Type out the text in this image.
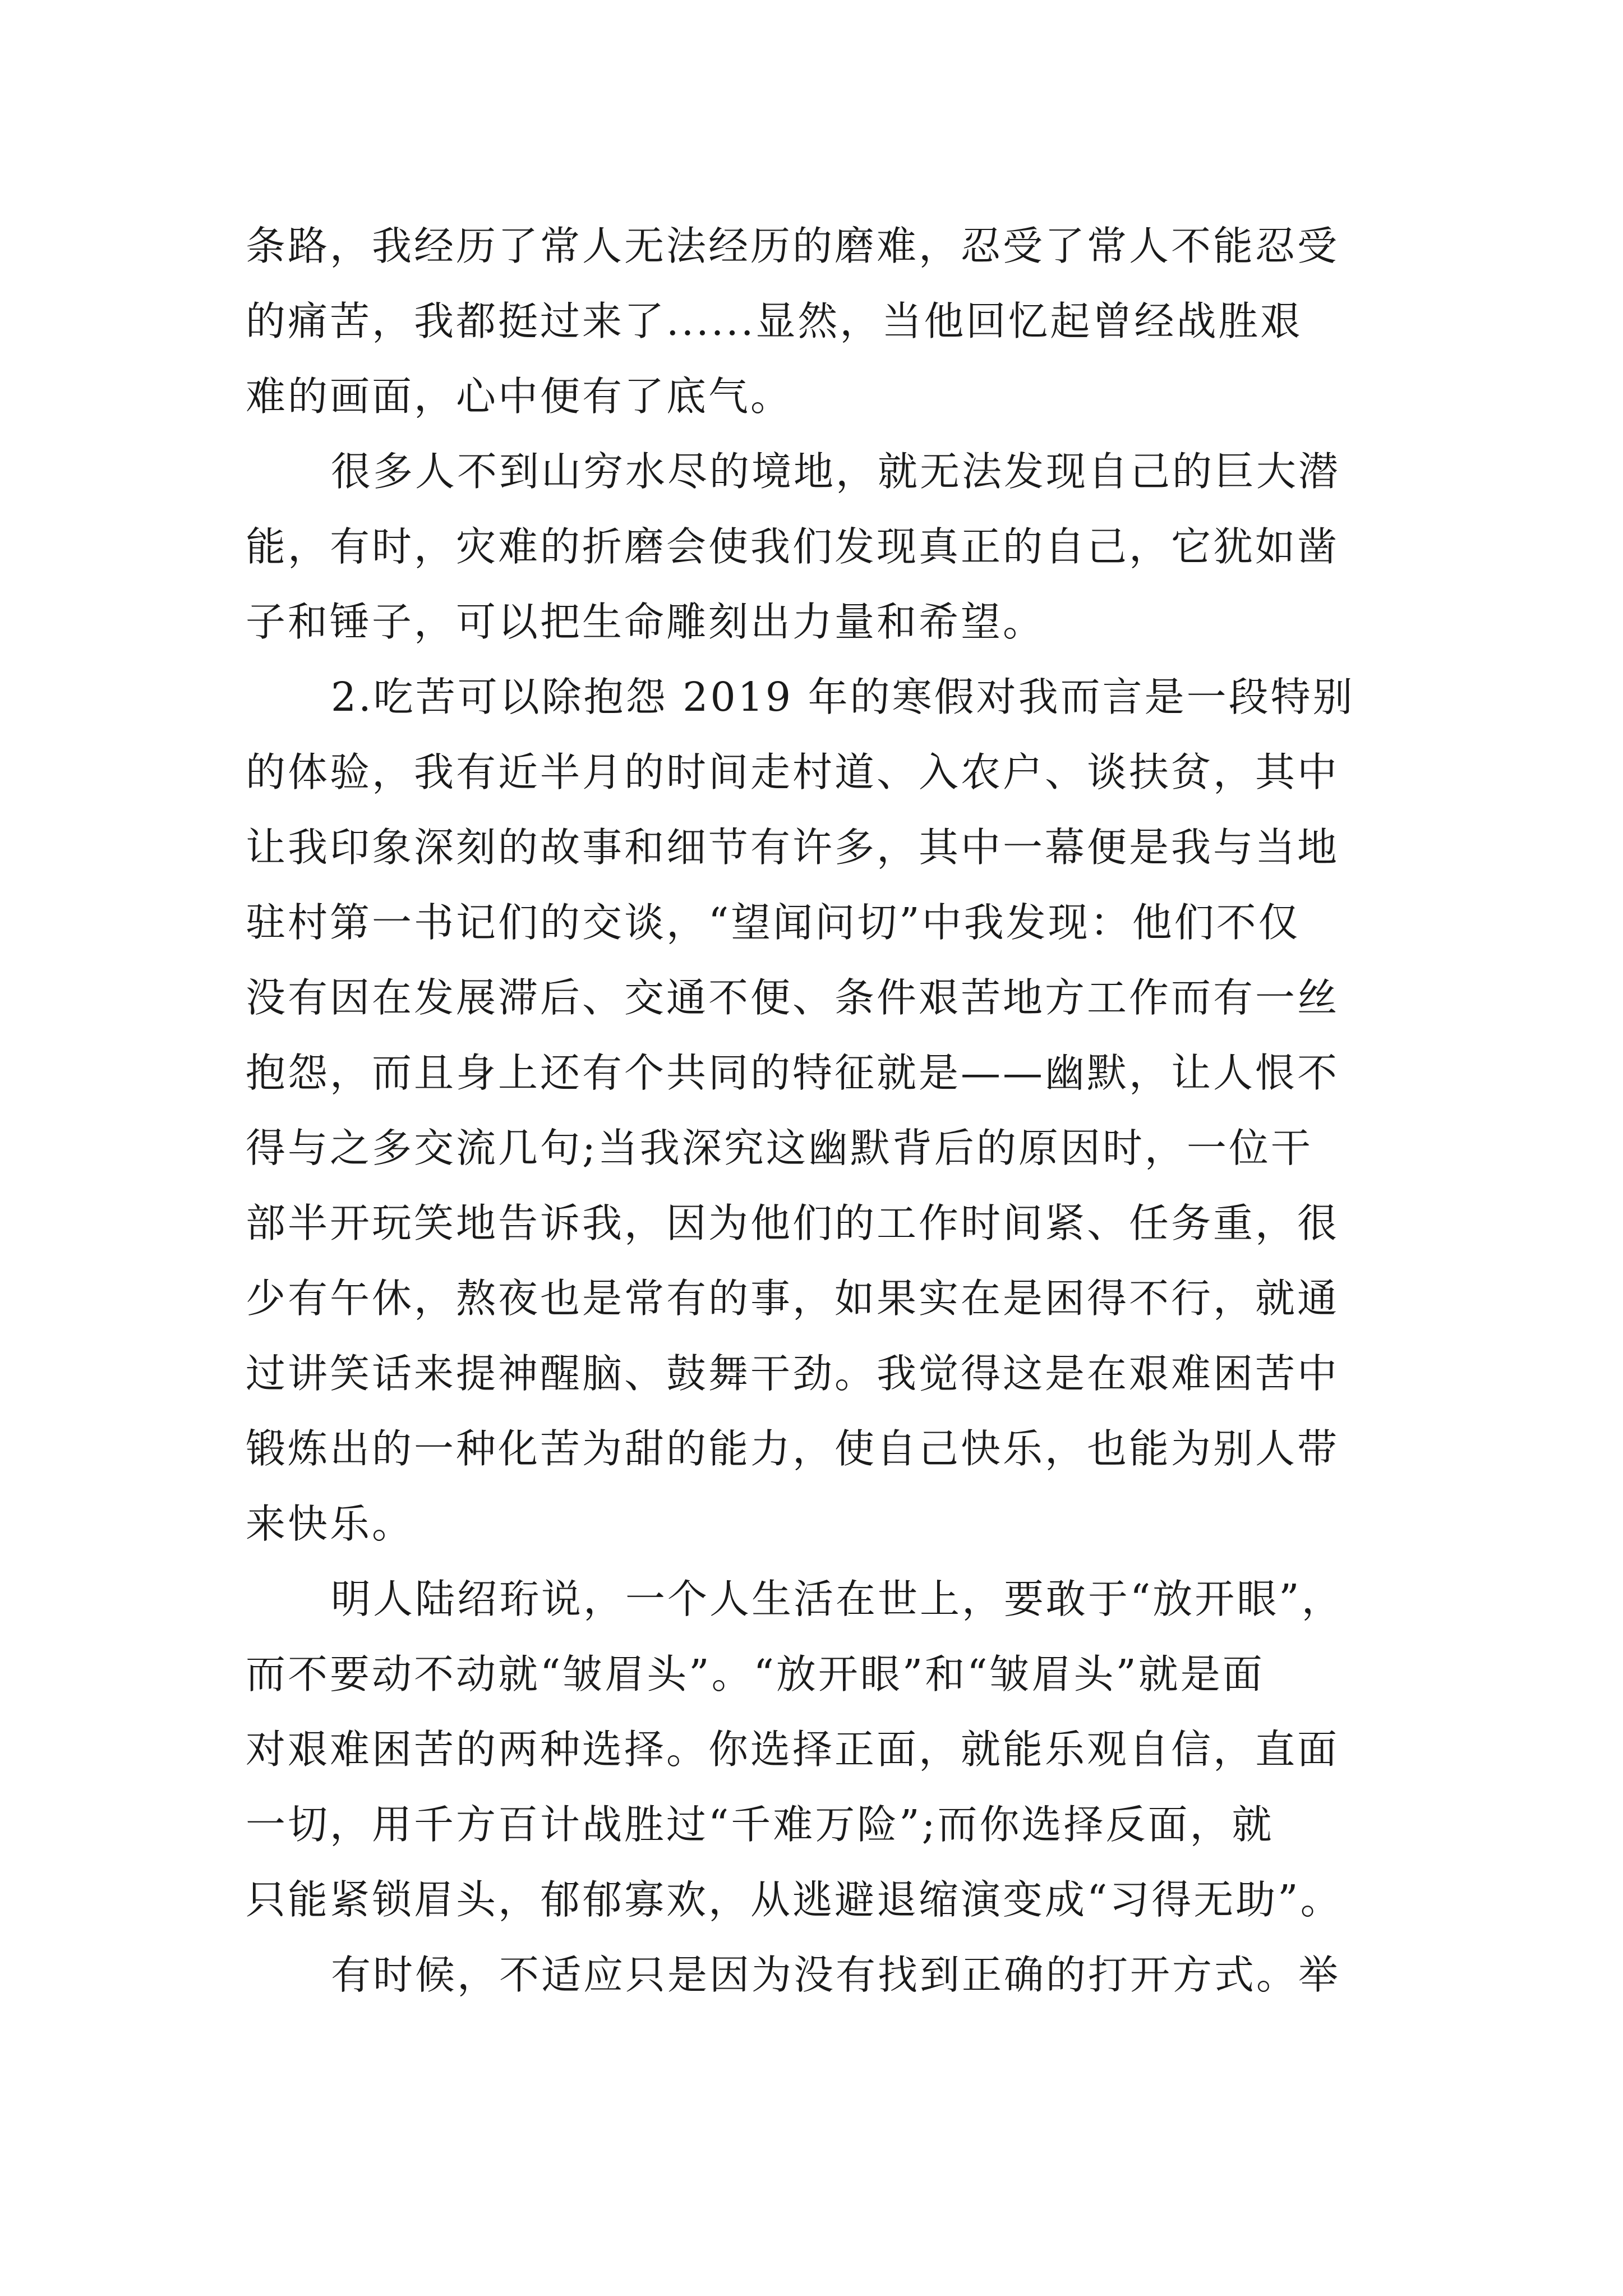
条路，我经历了常人无法经历的磨难，忍受了常人不能忍受
的痛苦，我都挺过来了......显然，当他回忆起曾经战胜艰
难的画面，心中便有了底气。
很多人不到山穷水尽的境地，就无法发现自己的巨大潜
能，有时，灾难的折磨会使我们发现真正的自己，它犹如凿
子和锤子，可以把生命雕刻出力量和希望。
2.吃苦可以除抱怨 2019 年的寒假对我而言是一段特别
的体验，我有近半月的时间走村道、入农户、谈扶贫，其中
让我印象深刻的故事和细节有许多，其中一幕便是我与当地
驻村第一书记们的交谈，“望闻问切”中我发现：他们不仅
没有因在发展滞后、交通不便、条件艰苦地方工作而有一丝
抱怨，而且身上还有个共同的特征就是——幽默，让人恨不
得与之多交流几句;当我深究这幽默背后的原因时，一位干
部半开玩笑地告诉我，因为他们的工作时间紧、任务重，很
少有午休，熬夜也是常有的事，如果实在是困得不行，就通
过讲笑话来提神醒脑、鼓舞干劲。我觉得这是在艰难困苦中
锻炼出的一种化苦为甜的能力，使自己快乐，也能为别人带
来快乐。
明人陆绍珩说，一个人生活在世上，要敢于“放开眼”，
而不要动不动就“皱眉头”。“放开眼”和“皱眉头”就是面
对艰难困苦的两种选择。你选择正面，就能乐观自信，直面
一切，用千方百计战胜过“千难万险”;而你选择反面，就
只能紧锁眉头，郁郁寡欢，从逃避退缩演变成“习得无助”。
有时候，不适应只是因为没有找到正确的打开方式。举
